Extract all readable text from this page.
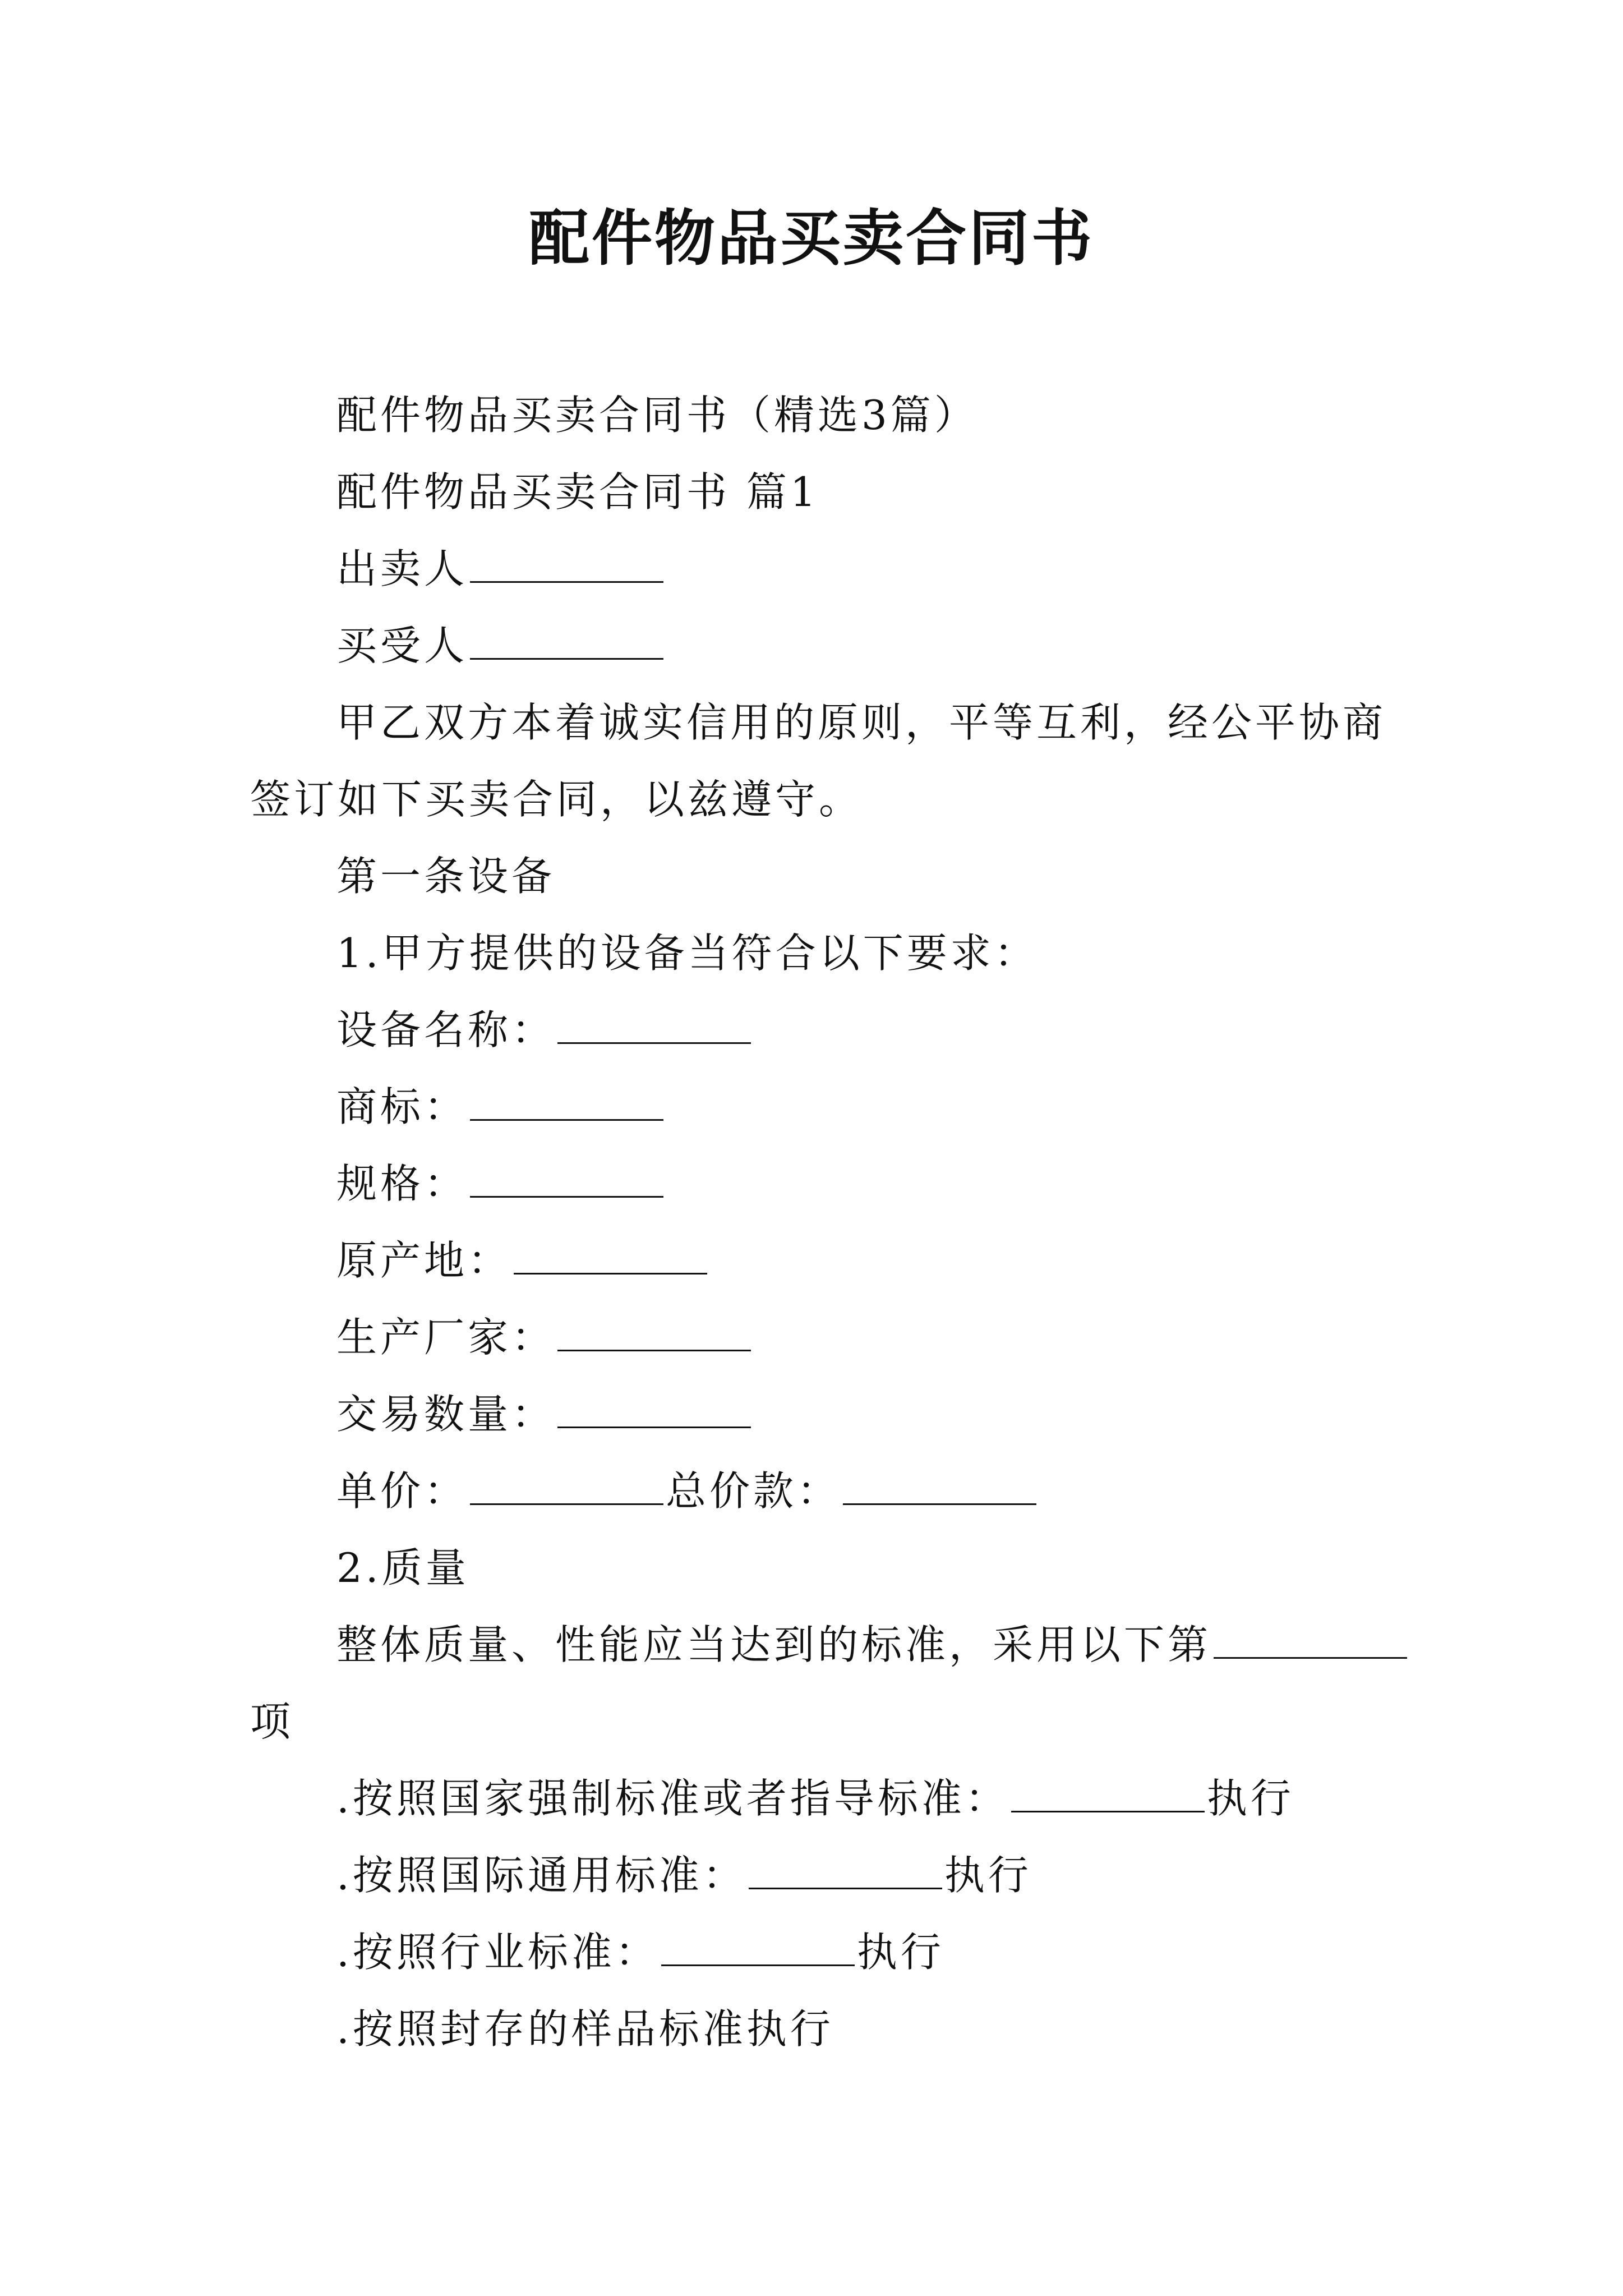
配件物品买卖合同书
配件物品买卖合同书（精选3篇）
配件物品买卖合同书 篇1
出卖人
买受人
甲乙双方本着诚实信用的原则，平等互利，经公平协商
签订如下买卖合同，以兹遵守。
第一条设备
1.甲方提供的设备当符合以下要求：
设备名称：
商标：
规格：
原产地：
生产厂家：
交易数量：
单价：	总价款：
2.质量
整体质量、性能应当达到的标准，采用以下第
项
.按照国家强制标准或者指导标准：	执行
.按照国际通用标准：	执行
.按照行业标准：	执行
.按照封存的样品标准执行
